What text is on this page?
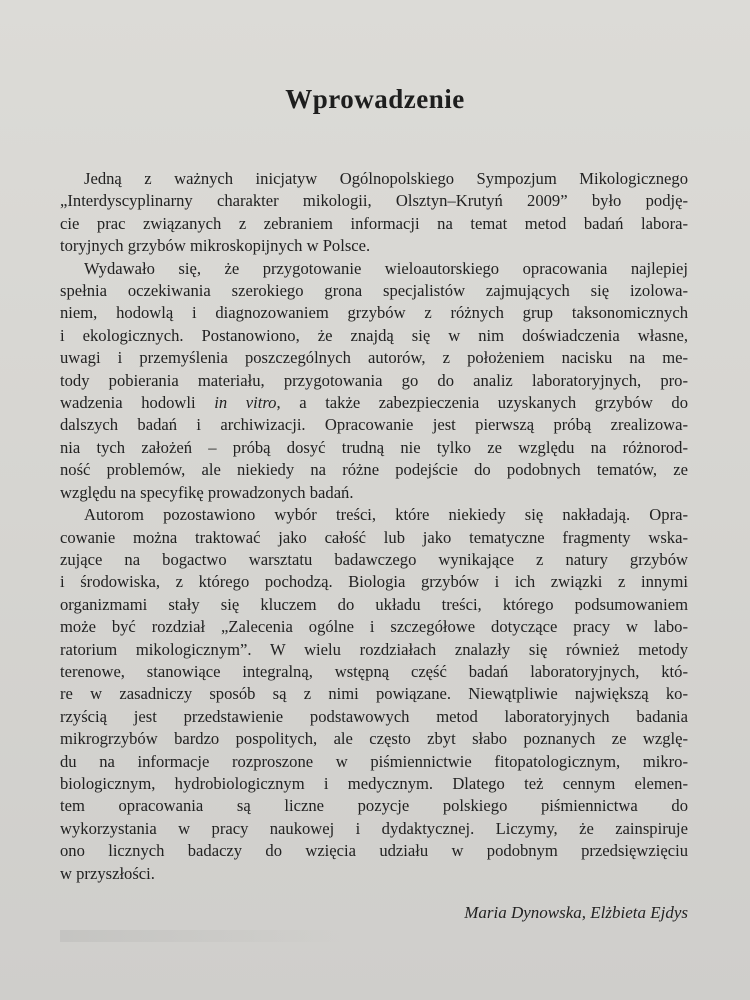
Wprowadzenie
Jedną z ważnych inicjatyw Ogólnopolskiego Sympozjum Mikologicznego
„Interdyscyplinarny charakter mikologii, Olsztyn–Krutyń 2009” było podję-
cie prac związanych z zebraniem informacji na temat metod badań labora-
toryjnych grzybów mikroskopijnych w Polsce.
Wydawało się, że przygotowanie wieloautorskiego opracowania najlepiej
spełnia oczekiwania szerokiego grona specjalistów zajmujących się izolowa-
niem, hodowlą i diagnozowaniem grzybów z różnych grup taksonomicznych
i ekologicznych. Postanowiono, że znajdą się w nim doświadczenia własne,
uwagi i przemyślenia poszczególnych autorów, z położeniem nacisku na me-
tody pobierania materiału, przygotowania go do analiz laboratoryjnych, pro-
wadzenia hodowli in vitro, a także zabezpieczenia uzyskanych grzybów do
dalszych badań i archiwizacji. Opracowanie jest pierwszą próbą zrealizowa-
nia tych założeń – próbą dosyć trudną nie tylko ze względu na różnorod-
ność problemów, ale niekiedy na różne podejście do podobnych tematów, ze
względu na specyfikę prowadzonych badań.
Autorom pozostawiono wybór treści, które niekiedy się nakładają. Opra-
cowanie można traktować jako całość lub jako tematyczne fragmenty wska-
zujące na bogactwo warsztatu badawczego wynikające z natury grzybów
i środowiska, z którego pochodzą. Biologia grzybów i ich związki z innymi
organizmami stały się kluczem do układu treści, którego podsumowaniem
może być rozdział „Zalecenia ogólne i szczegółowe dotyczące pracy w labo-
ratorium mikologicznym”. W wielu rozdziałach znalazły się również metody
terenowe, stanowiące integralną, wstępną część badań laboratoryjnych, któ-
re w zasadniczy sposób są z nimi powiązane. Niewątpliwie największą ko-
rzyścią jest przedstawienie podstawowych metod laboratoryjnych badania
mikrogrzybów bardzo pospolitych, ale często zbyt słabo poznanych ze wzglę-
du na informacje rozproszone w piśmiennictwie fitopatologicznym, mikro-
biologicznym, hydrobiologicznym i medycznym. Dlatego też cennym elemen-
tem opracowania są liczne pozycje polskiego piśmiennictwa do
wykorzystania w pracy naukowej i dydaktycznej. Liczymy, że zainspiruje
ono licznych badaczy do wzięcia udziału w podobnym przedsięwzięciu
w przyszłości.
Maria Dynowska, Elżbieta Ejdys
